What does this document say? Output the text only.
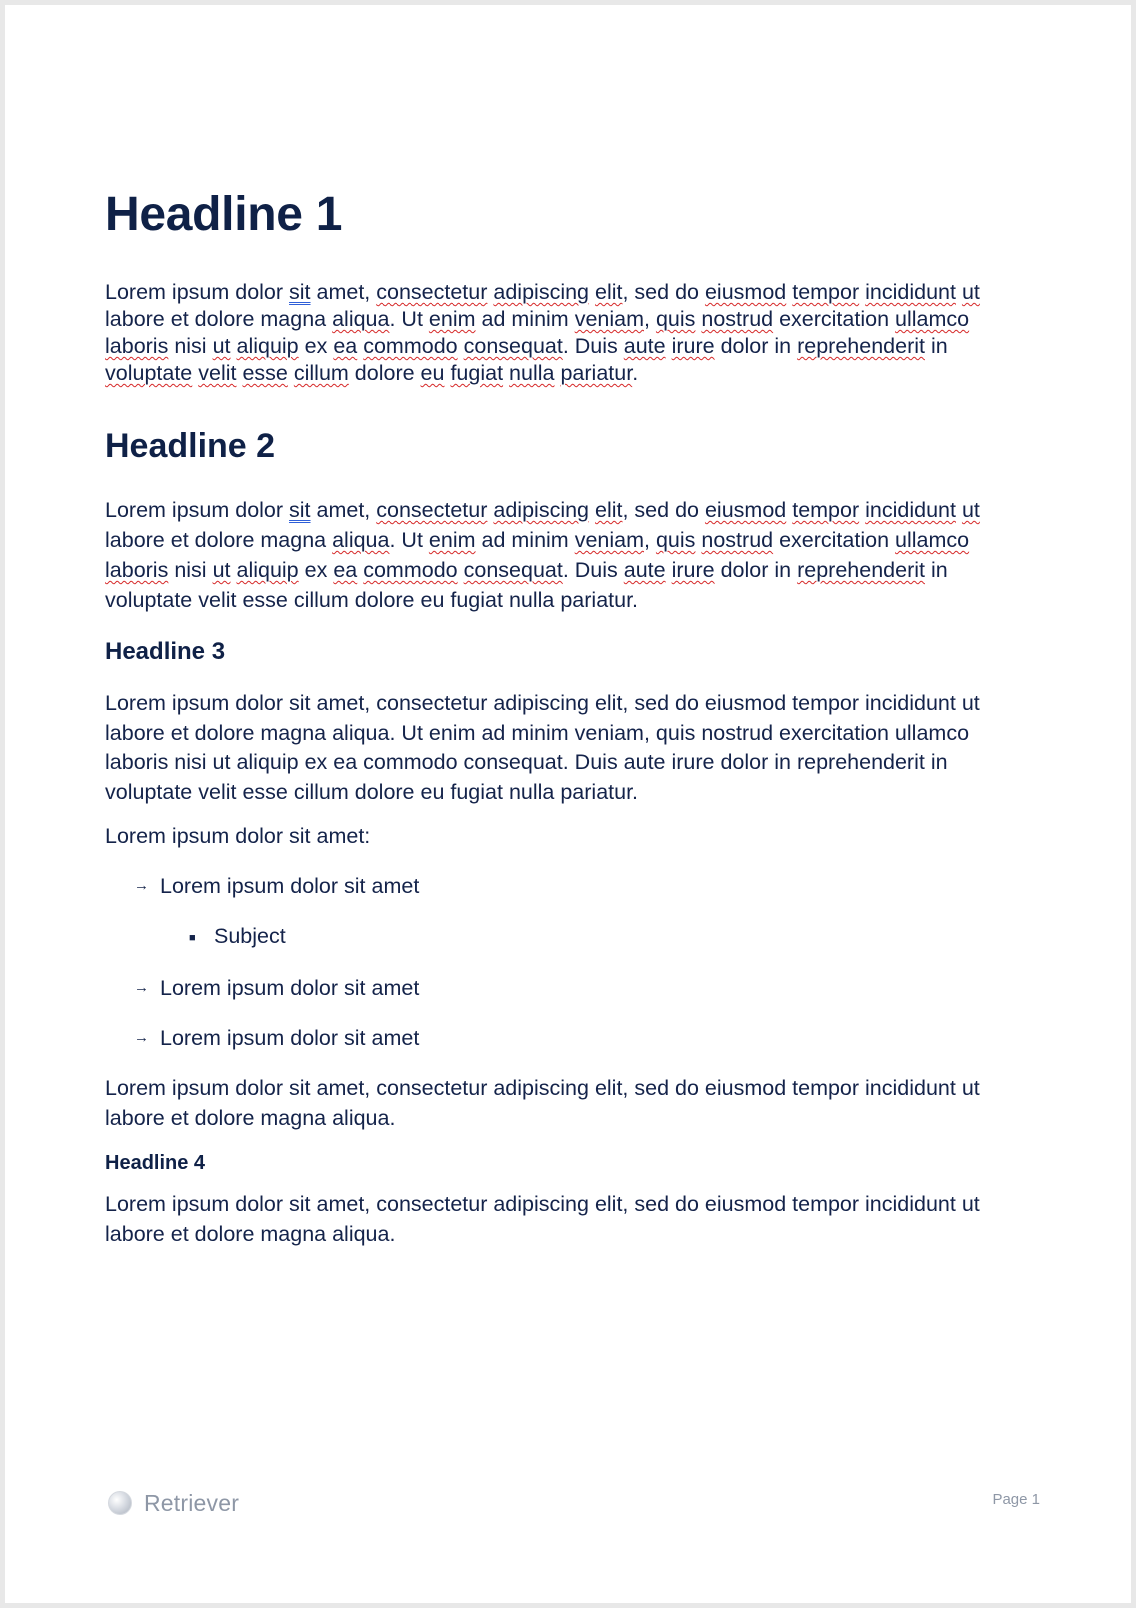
Headline 1

Lorem ipsum dolor sit amet, consectetur adipiscing elit, sed do eiusmod tempor incididunt ut labore et dolore magna aliqua. Ut enim ad minim veniam, quis nostrud exercitation ullamco laboris nisi ut aliquip ex ea commodo consequat. Duis aute irure dolor in reprehenderit in voluptate velit esse cillum dolore eu fugiat nulla pariatur.

Headline 2

Lorem ipsum dolor sit amet, consectetur adipiscing elit, sed do eiusmod tempor incididunt ut labore et dolore magna aliqua. Ut enim ad minim veniam, quis nostrud exercitation ullamco laboris nisi ut aliquip ex ea commodo consequat. Duis aute irure dolor in reprehenderit in voluptate velit esse cillum dolore eu fugiat nulla pariatur.

Headline 3

Lorem ipsum dolor sit amet, consectetur adipiscing elit, sed do eiusmod tempor incididunt ut labore et dolore magna aliqua. Ut enim ad minim veniam, quis nostrud exercitation ullamco laboris nisi ut aliquip ex ea commodo consequat. Duis aute irure dolor in reprehenderit in voluptate velit esse cillum dolore eu fugiat nulla pariatur.

Lorem ipsum dolor sit amet:

→ Lorem ipsum dolor sit amet
■ Subject
→ Lorem ipsum dolor sit amet
→ Lorem ipsum dolor sit amet

Lorem ipsum dolor sit amet, consectetur adipiscing elit, sed do eiusmod tempor incididunt ut labore et dolore magna aliqua.

Headline 4

Lorem ipsum dolor sit amet, consectetur adipiscing elit, sed do eiusmod tempor incididunt ut labore et dolore magna aliqua.

Retriever	Page 1
